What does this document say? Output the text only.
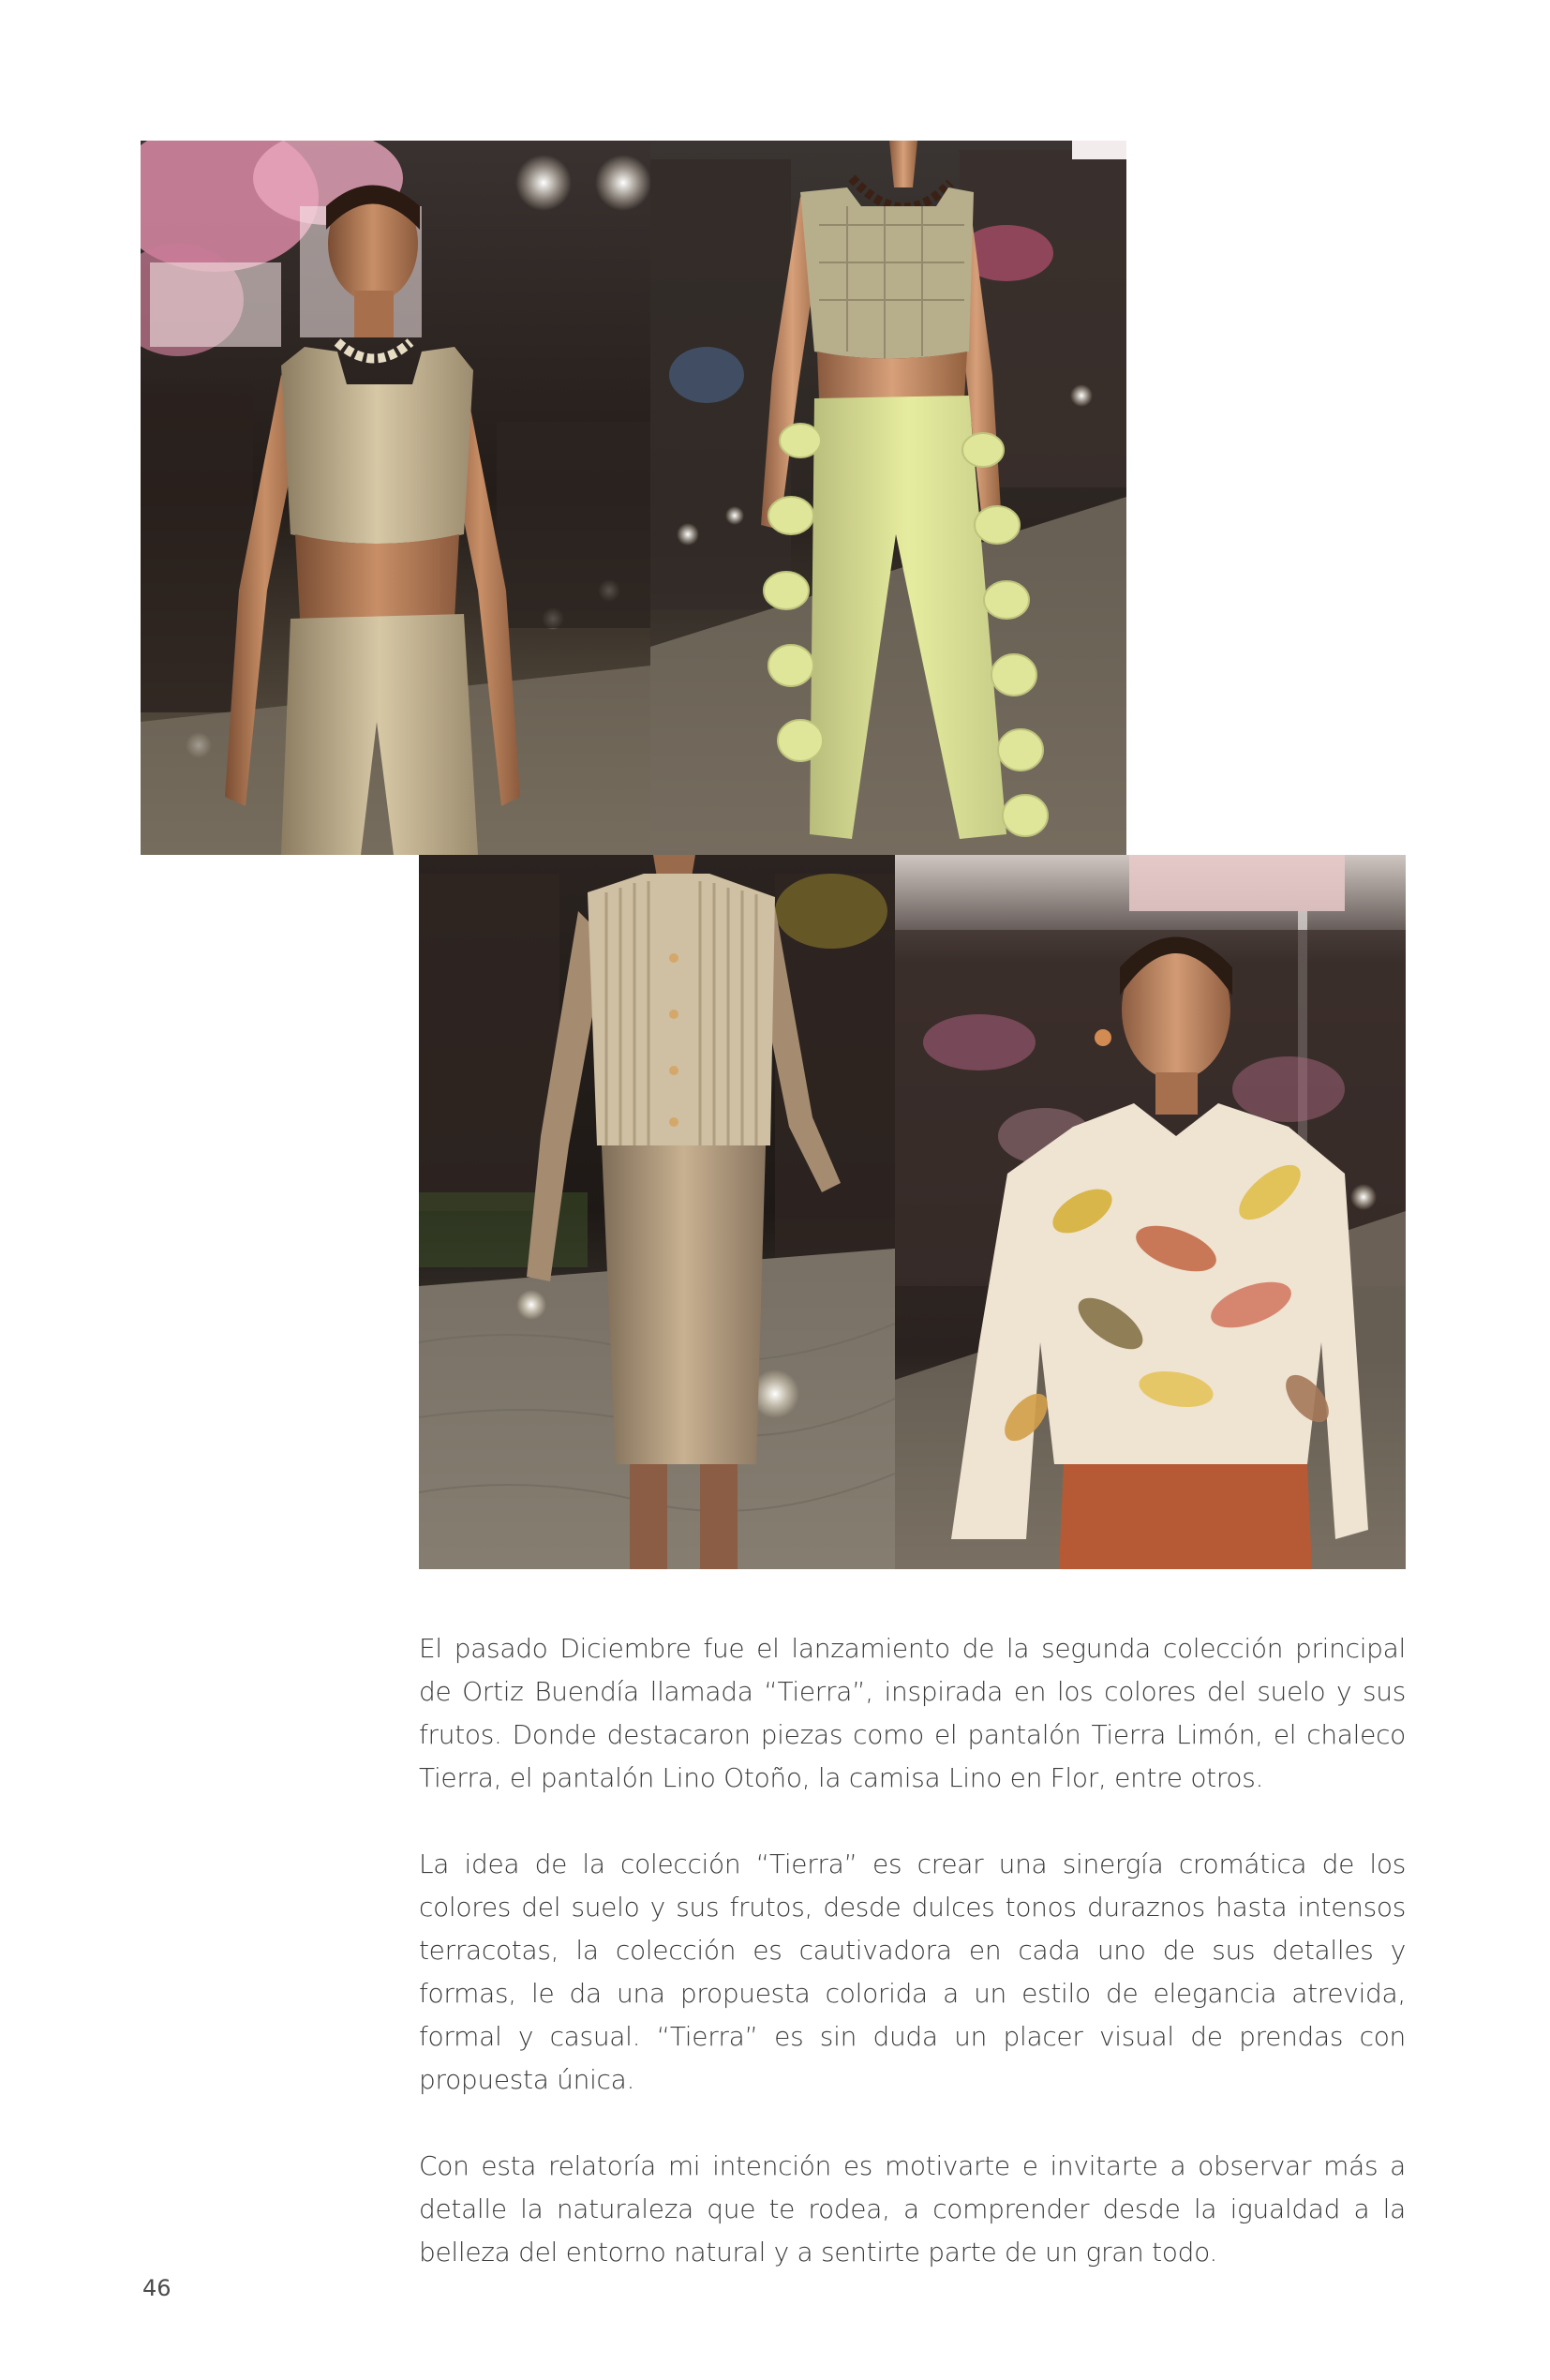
El pasado Diciembre fue el lanzamiento de la segunda colección principal de Ortiz Buendía llamada “Tierra”, inspirada en los colores del suelo y sus frutos. Donde destacaron piezas como el pantalón Tierra Limón, el chaleco Tierra, el pantalón Lino Otoño, la camisa Lino en Flor, entre otros.

La idea de la colección “Tierra” es crear una sinergía cromática de los colores del suelo y sus frutos, desde dulces tonos duraznos hasta intensos terracotas, la colección es cautivadora en cada uno de sus detalles y formas, le da una propuesta colorida a un estilo de elegancia atrevida, formal y casual. “Tierra” es sin duda un placer visual de prendas con propuesta única.

Con esta relatoría mi intención es motivarte e invitarte a observar más a detalle la naturaleza que te rodea, a comprender desde la igualdad a la belleza del entorno natural y a sentirte parte de un gran todo.

46
